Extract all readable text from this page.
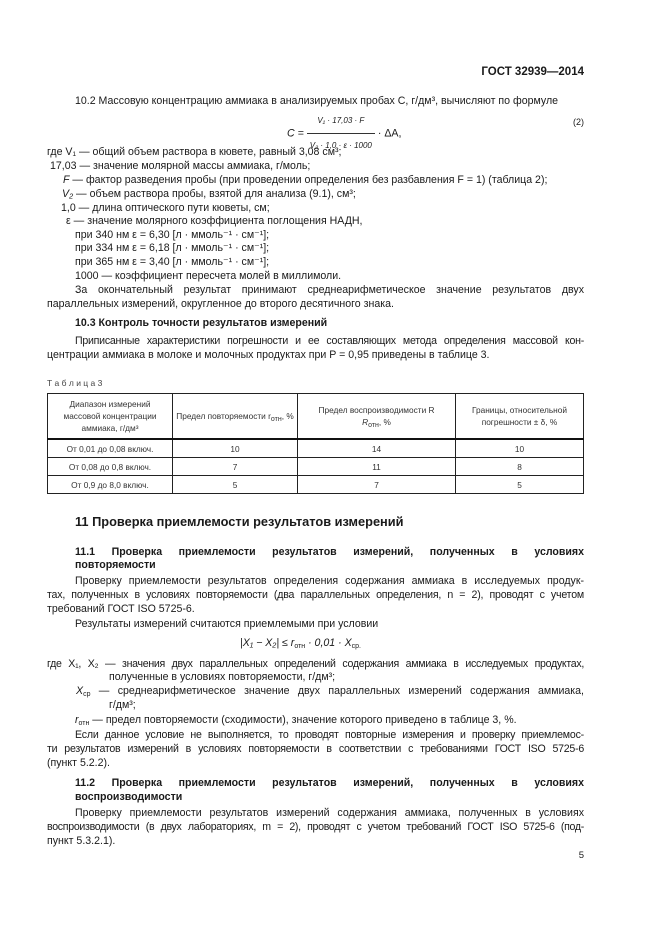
ГОСТ 32939—2014
10.2 Массовую концентрацию аммиака в анализируемых пробах C, г/дм³, вычисляют по формуле
$C = \frac{\text{V₁ · 17,03 · F}}{\text{V₂ · 1,0 · ε · 1000}} \cdot \Delta A$,
(2)
где V₁ — общий объем раствора в кювете, равный 3,08 см³;
17,03 — значение молярной массы аммиака, г/моль;
F — фактор разведения пробы (при проведении определения без разбавления F = 1) (таблица 2);
V₂ — объем раствора пробы, взятой для анализа (9.1), см³;
1,0 — длина оптического пути кюветы, см;
ε — значение молярного коэффициента поглощения НАДН,
при 340 нм ε = 6,30 [л · ммоль⁻¹ · см⁻¹];
при 334 нм ε = 6,18 [л · ммоль⁻¹ · см⁻¹];
при 365 нм ε = 3,40 [л · ммоль⁻¹ · см⁻¹];
1000 — коэффициент пересчета молей в миллимоли.
За окончательный результат принимают среднеарифметическое значение результатов двух
параллельных измерений, округленное до второго десятичного знака.
10.3 Контроль точности результатов измерений
Приписанные характеристики погрешности и ее составляющих метода определения массовой кон-
центрации аммиака в молоке и молочных продуктах при P = 0,95 приведены в таблице 3.
Т а б л и ц а 3
Диапазон измерений массовой концентрации аммиака, г/дм³	Предел повторяемости $r_{отн}$, %	Предел воспроизводимости R
$R_{отн}$, %	Границы, относительной погрешности ± δ, %
От 0,01 до 0,08 включ.	10	14	10
От 0,08 до 0,8 включ.	7	11	8
От 0,9 до 8,0 включ.	5	7	5
11 Проверка приемлемости результатов измерений
11.1 Проверка приемлемости результатов измерений, полученных в условиях
повторяемости
Проверку приемлемости результатов определения содержания аммиака в исследуемых продук-
тах, полученных в условиях повторяемости (два параллельных определения, n = 2), проводят с учетом
требований ГОСТ ISO 5725-6.
Результаты измерений считаются приемлемыми при условии
$|X_1 - X_2| \le r_{отн} \cdot 0,01 \cdot X_{ср.}$
где X₁, X₂ — значения двух параллельных определений содержания аммиака в исследуемых продуктах,
полученные в условиях повторяемости, г/дм³;
$X_{ср}$ — среднеарифметическое значение двух параллельных измерений содержания аммиака,
г/дм³;
$r_{отн}$ — предел повторяемости (сходимости), значение которого приведено в таблице 3, %.
Если данное условие не выполняется, то проводят повторные измерения и проверку приемлемос-
ти результатов измерений в условиях повторяемости в соответствии с требованиями ГОСТ ISO 5725-6
(пункт 5.2.2).
11.2 Проверка приемлемости результатов измерений, полученных в условиях
воспроизводимости
Проверку приемлемости результатов измерений содержания аммиака, полученных в условиях
воспроизводимости (в двух лабораториях, m = 2), проводят с учетом требований ГОСТ ISO 5725-6 (под-
пункт 5.3.2.1).
5
